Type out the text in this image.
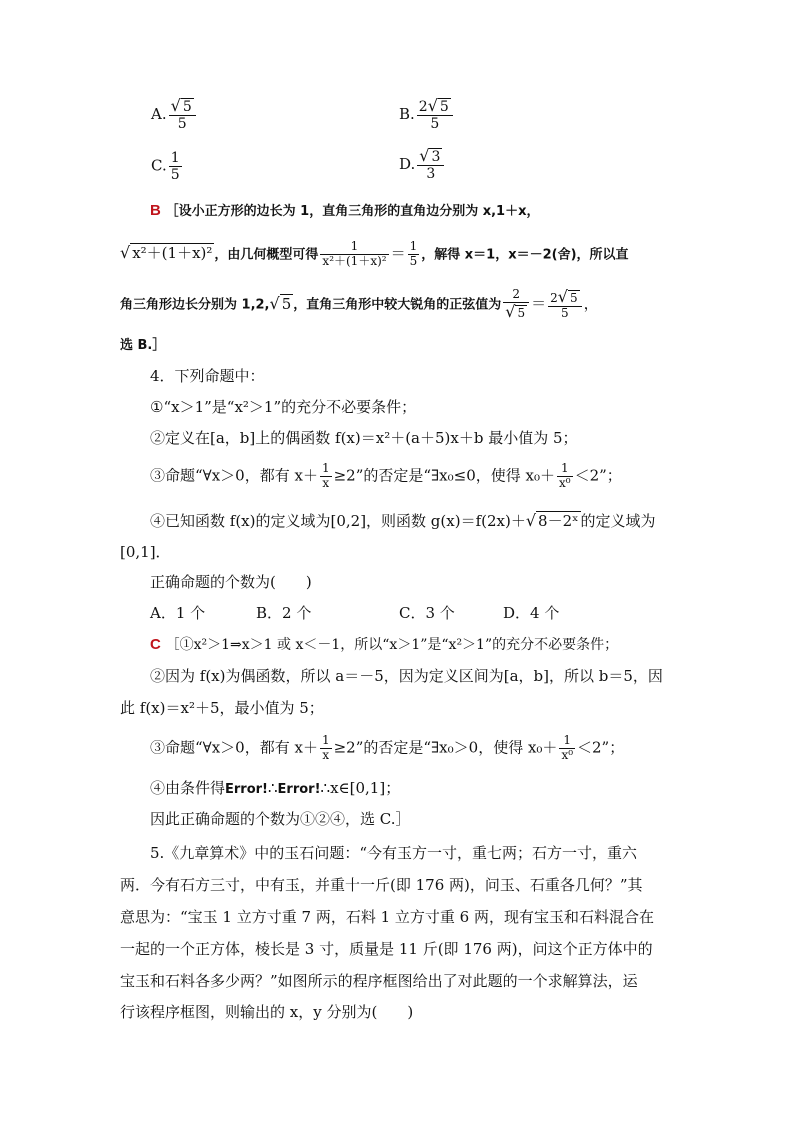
A. $\frac{√ 5}{5}$	B. $\frac{2√ 5}{5}$
C. $\frac{1}{5}$	D. $\frac{√ 3}{3}$
B ［设小正方形的边长为 1，直角三角形的直角边分别为 x,1＋x，
√ x²＋(1＋x)² ，由几何概型可得 $\frac{1}{\text{x²＋(1＋x)²}} = \frac{1}{5}$ ，解得 x＝1，x＝－2(舍)，所以直
角三角形边长分别为 1,2,√ 5 ，直角三角形中较大锐角的正弦值为 $\frac{2}{√ 5} = \frac{2√ 5}{5}$ ，
选 B.］
4．下列命题中：
①“x＞1”是“x²＞1”的充分不必要条件；
②定义在[a，b]上的偶函数 f(x)＝x²＋(a＋5)x＋b 最小值为 5；
③命题“∀x＞0，都有 $x+ \frac{1}{x} \ge 2$”的否定是“∃x₀≤0，使得 $x_0+ \frac{1}{\text{x⁰}} <2$”；
④已知函数 f(x)的定义域为[0,2]，则函数 g(x)＝f(2x)＋√ 8－2ˣ 的定义域为
[0,1]．
正确命题的个数为(　　)
A．1 个	B．2 个	C．3 个	D．4 个
C ［①x²＞1⇒x＞1 或 x＜－1，所以“x＞1”是“x²＞1”的充分不必要条件；
②因为 f(x)为偶函数，所以 a＝－5，因为定义区间为[a，b]，所以 b＝5，因
此 f(x)＝x²＋5，最小值为 5；
③命题“∀x＞0，都有 $x+ \frac{1}{x} \ge 2$”的否定是“∃x₀＞0，使得 $x_0+ \frac{1}{\text{x⁰}} <2$”；
④由条件得Error!∴Error!∴x∈[0,1]；
因此正确命题的个数为①②④，选 C.］
5.《九章算术》中的玉石问题：“今有玉方一寸，重七两；石方一寸，重六
两．今有石方三寸，中有玉，并重十一斤(即 176 两)，问玉、石重各几何？”其
意思为：“宝玉 1 立方寸重 7 两，石料 1 立方寸重 6 两，现有宝玉和石料混合在
一起的一个正方体，棱长是 3 寸，质量是 11 斤(即 176 两)，问这个正方体中的
宝玉和石料各多少两？”如图所示的程序框图给出了对此题的一个求解算法，运
行该程序框图，则输出的 x，y 分别为(　　)
